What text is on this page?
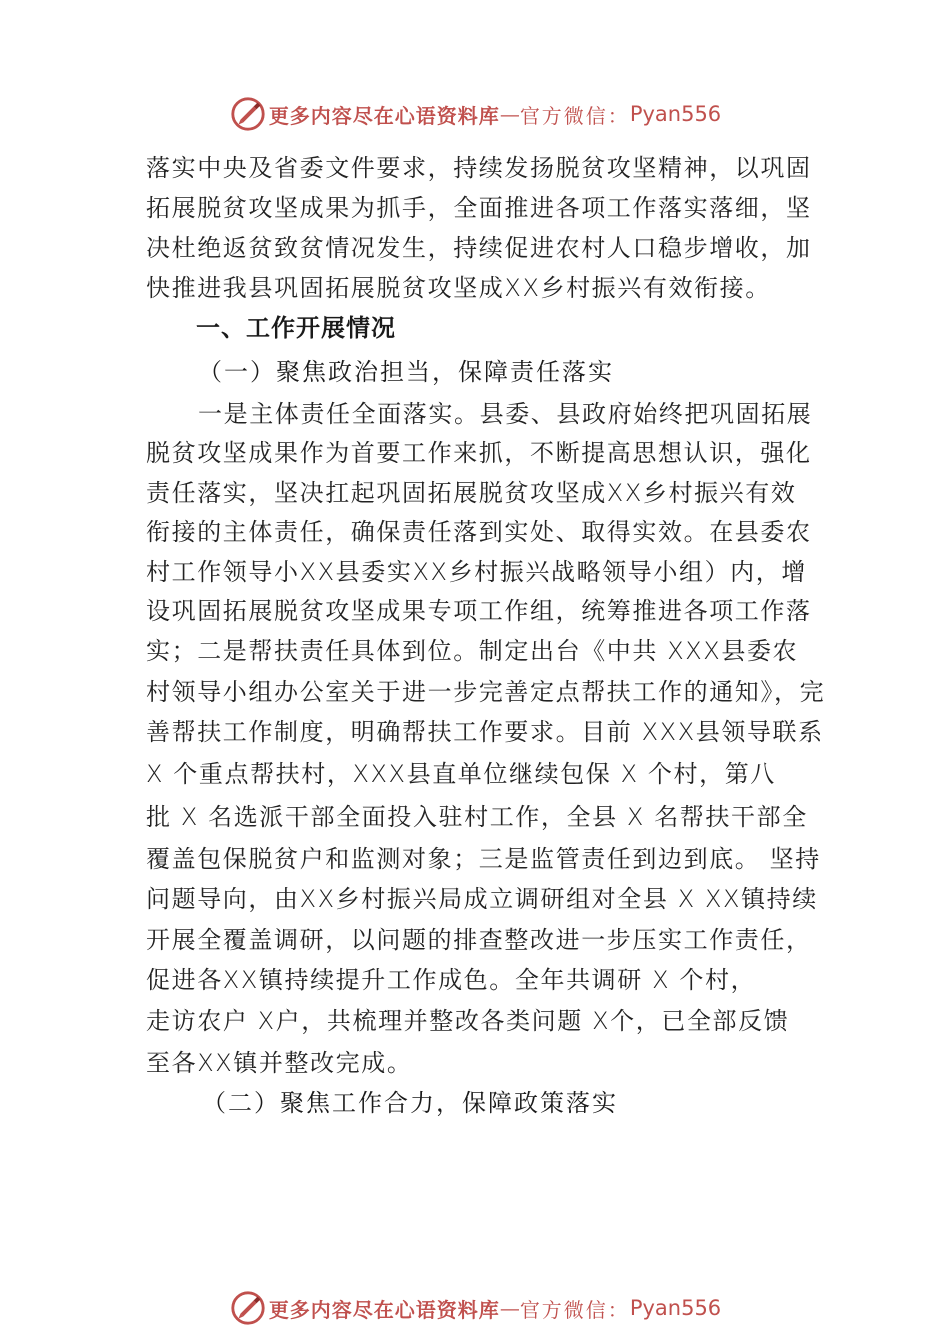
更多内容尽在心语资料库 — 官方微信： Pyan556
落实中央及省委文件要求，持续发扬脱贫攻坚精神，以巩固
拓展脱贫攻坚成果为抓手，全面推进各项工作落实落细，坚
决杜绝返贫致贫情况发生，持续促进农村人口稳步增收，加
快推进我县巩固拓展脱贫攻坚成XX乡村振兴有效衔接。
一、工作开展情况
（一）聚焦政治担当，保障责任落实
一是主体责任全面落实。县委、县政府始终把巩固拓展
脱贫攻坚成果作为首要工作来抓，不断提高思想认识，强化
责任落实，坚决扛起巩固拓展脱贫攻坚成XX乡村振兴有效
衔接的主体责任，确保责任落到实处、取得实效。在县委农
村工作领导小XX县委实XX乡村振兴战略领导小组）内，增
设巩固拓展脱贫攻坚成果专项工作组，统筹推进各项工作落
实；二是帮扶责任具体到位。制定出台《中共 XXX县委农
村领导小组办公室关于进一步完善定点帮扶工作的通知》，完
善帮扶工作制度，明确帮扶工作要求。目前 XXX县领导联系
X 个重点帮扶村，XXX县直单位继续包保 X 个村，第八
批 X 名选派干部全面投入驻村工作，全县 X 名帮扶干部全
覆盖包保脱贫户和监测对象；三是监管责任到边到底。 坚持
问题导向，由XX乡村振兴局成立调研组对全县 X XX镇持续
开展全覆盖调研，以问题的排查整改进一步压实工作责任，
促进各XX镇持续提升工作成色。全年共调研 X 个村，
走访农户 X户，共梳理并整改各类问题 X个，已全部反馈
至各XX镇并整改完成。
（二）聚焦工作合力，保障政策落实
更多内容尽在心语资料库 — 官方微信： Pyan556
